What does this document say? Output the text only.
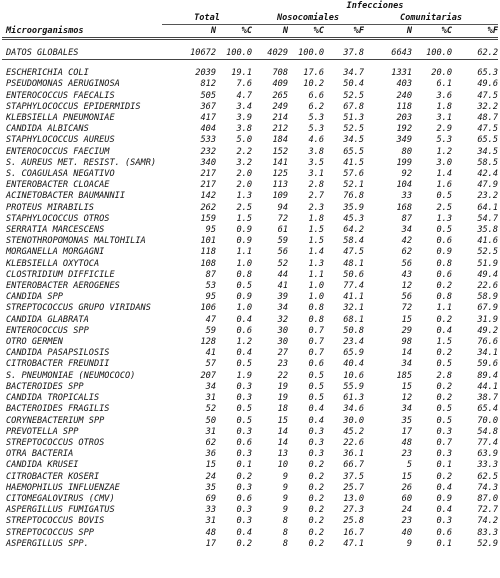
			Infecciones					
	Total		Nosocomiales			Comunitarias		
Microorganismos	N	%C	N	%C	%F	N	%C	%F

DATOS GLOBALES	10672	100.0	4029	100.0	37.8	6643	100.0	62.2

ESCHERICHIA COLI	2039	19.1	708	17.6	34.7	1331	20.0	65.3
PSEUDOMONAS AERUGINOSA	812	7.6	409	10.2	50.4	403	6.1	49.6
ENTEROCOCCUS FAECALIS	505	4.7	265	6.6	52.5	240	3.6	47.5
STAPHYLOCOCCUS EPIDERMIDIS	367	3.4	249	6.2	67.8	118	1.8	32.2
KLEBSIELLA PNEUMONIAE	417	3.9	214	5.3	51.3	203	3.1	48.7
CANDIDA ALBICANS	404	3.8	212	5.3	52.5	192	2.9	47.5
STAPHYLOCOCCUS AUREUS	533	5.0	184	4.6	34.5	349	5.3	65.5
ENTEROCOCCUS FAECIUM	232	2.2	152	3.8	65.5	80	1.2	34.5
S. AUREUS MET. RESIST. (SAMR)	340	3.2	141	3.5	41.5	199	3.0	58.5
S. COAGULASA NEGATIVO	217	2.0	125	3.1	57.6	92	1.4	42.4
ENTEROBACTER CLOACAE	217	2.0	113	2.8	52.1	104	1.6	47.9
ACINETOBACTER BAUMANNII	142	1.3	109	2.7	76.8	33	0.5	23.2
PROTEUS MIRABILIS	262	2.5	94	2.3	35.9	168	2.5	64.1
STAPHYLOCOCCUS OTROS	159	1.5	72	1.8	45.3	87	1.3	54.7
SERRATIA MARCESCENS	95	0.9	61	1.5	64.2	34	0.5	35.8
STENOTHROPOMONAS MALTOHILIA	101	0.9	59	1.5	58.4	42	0.6	41.6
MORGANELLA MORGAGNI	118	1.1	56	1.4	47.5	62	0.9	52.5
KLEBSIELLA OXYTOCA	108	1.0	52	1.3	48.1	56	0.8	51.9
CLOSTRIDIUM DIFFICILE	87	0.8	44	1.1	50.6	43	0.6	49.4
ENTEROBACTER AEROGENES	53	0.5	41	1.0	77.4	12	0.2	22.6
CANDIDA SPP	95	0.9	39	1.0	41.1	56	0.8	58.9
STREPTOCOCCUS GRUPO VIRIDANS	106	1.0	34	0.8	32.1	72	1.1	67.9
CANDIDA GLABRATA	47	0.4	32	0.8	68.1	15	0.2	31.9
ENTEROCOCCUS SPP	59	0.6	30	0.7	50.8	29	0.4	49.2
OTRO GERMEN	128	1.2	30	0.7	23.4	98	1.5	76.6
CANDIDA PASAPSILOSIS	41	0.4	27	0.7	65.9	14	0.2	34.1
CITROBACTER FREUNDII	57	0.5	23	0.6	40.4	34	0.5	59.6
S. PNEUMONIAE (NEUMOCOCO)	207	1.9	22	0.5	10.6	185	2.8	89.4
BACTEROIDES SPP	34	0.3	19	0.5	55.9	15	0.2	44.1
CANDIDA TROPICALIS	31	0.3	19	0.5	61.3	12	0.2	38.7
BACTEROIDES FRAGILIS	52	0.5	18	0.4	34.6	34	0.5	65.4
CORYNEBACTERIUM SPP	50	0.5	15	0.4	30.0	35	0.5	70.0
PREVOTELLA SPP	31	0.3	14	0.3	45.2	17	0.3	54.8
STREPTOCOCCUS OTROS	62	0.6	14	0.3	22.6	48	0.7	77.4
OTRA BACTERIA	36	0.3	13	0.3	36.1	23	0.3	63.9
CANDIDA KRUSEI	15	0.1	10	0.2	66.7	5	0.1	33.3
CITROBACTER KOSERI	24	0.2	9	0.2	37.5	15	0.2	62.5
HAEMOPHILUS INFLUENZAE	35	0.3	9	0.2	25.7	26	0.4	74.3
CITOMEGALOVIRUS (CMV)	69	0.6	9	0.2	13.0	60	0.9	87.0
ASPERGILLUS FUMIGATUS	33	0.3	9	0.2	27.3	24	0.4	72.7
STREPTOCOCCUS BOVIS	31	0.3	8	0.2	25.8	23	0.3	74.2
STREPTOCOCCUS SPP	48	0.4	8	0.2	16.7	40	0.6	83.3
ASPERGILLUS SPP.	17	0.2	8	0.2	47.1	9	0.1	52.9
